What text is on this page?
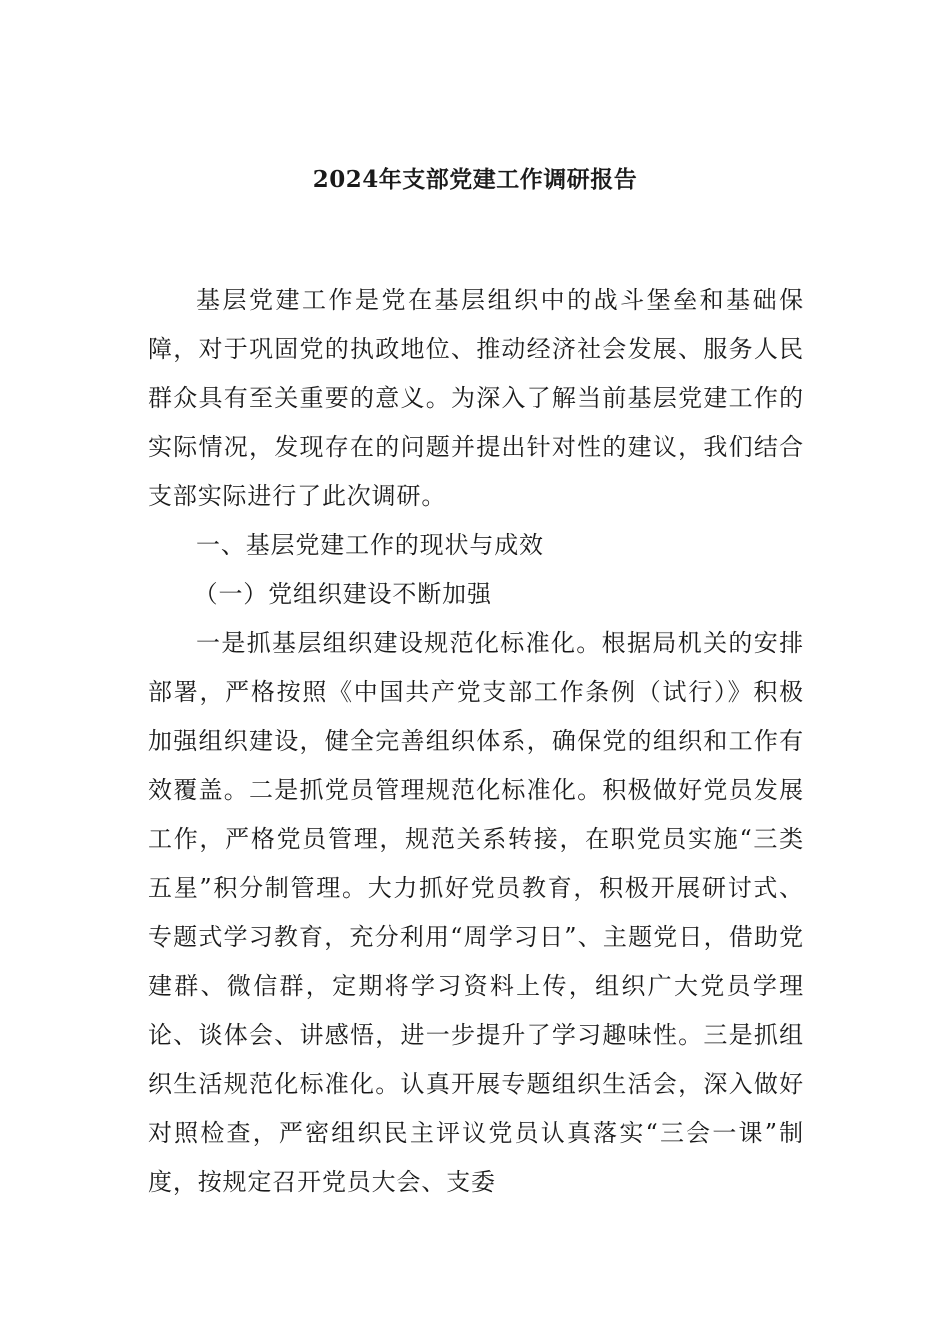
2024年支部党建工作调研报告

基层党建工作是党在基层组织中的战斗堡垒和基础保障，对于巩固党的执政地位、推动经济社会发展、服务人民群众具有至关重要的意义。为深入了解当前基层党建工作的实际情况，发现存在的问题并提出针对性的建议，我们结合支部实际进行了此次调研。

一、基层党建工作的现状与成效

（一）党组织建设不断加强

一是抓基层组织建设规范化标准化。根据局机关的安排部署，严格按照《中国共产党支部工作条例（试行）》积极加强组织建设，健全完善组织体系，确保党的组织和工作有效覆盖。二是抓党员管理规范化标准化。积极做好党员发展工作，严格党员管理，规范关系转接，在职党员实施“三类五星”积分制管理。大力抓好党员教育，积极开展研讨式、专题式学习教育，充分利用“周学习日”、主题党日，借助党建群、微信群，定期将学习资料上传，组织广大党员学理论、谈体会、讲感悟，进一步提升了学习趣味性。三是抓组织生活规范化标准化。认真开展专题组织生活会，深入做好对照检查，严密组织民主评议党员认真落实“三会一课”制度，按规定召开党员大会、支委
